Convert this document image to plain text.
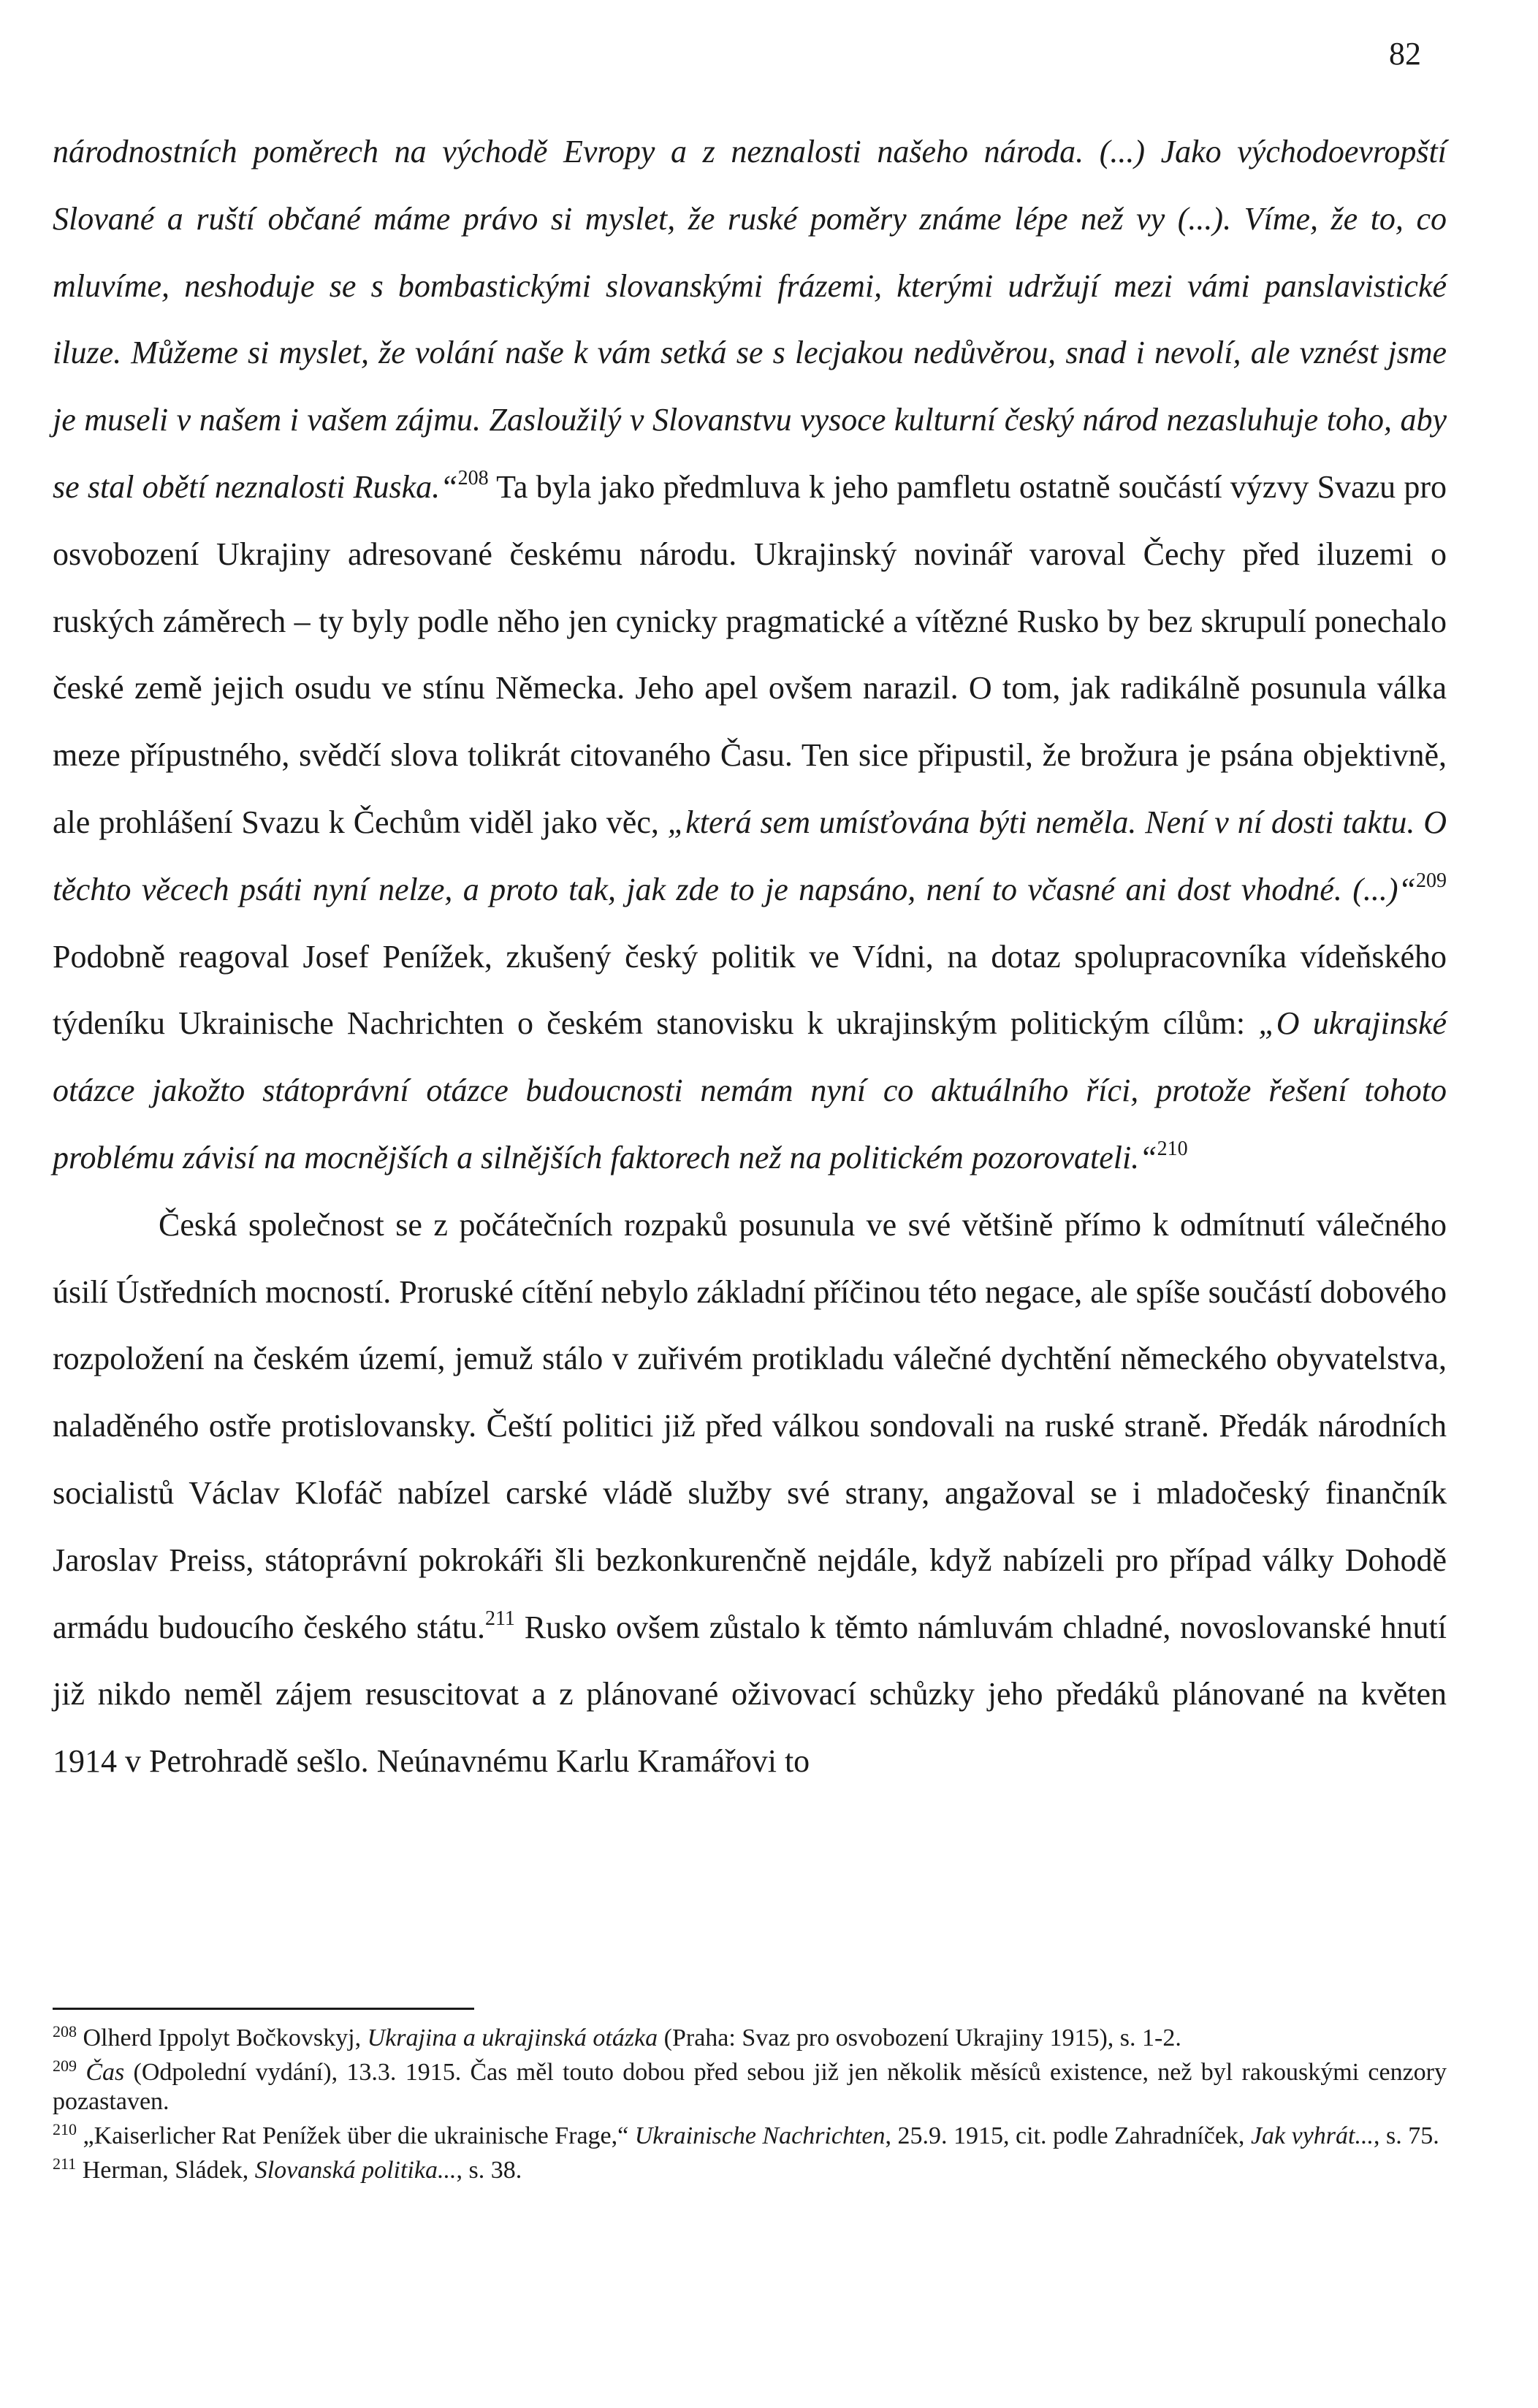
82

národnostních poměrech na východě Evropy a z neznalosti našeho národa. (...) Jako východoevropští Slované a ruští občané máme právo si myslet, že ruské poměry známe lépe než vy (...). Víme, že to, co mluvíme, neshoduje se s bombastickými slovanskými frázemi, kterými udržují mezi vámi panslavistické iluze. Můžeme si myslet, že volání naše k vám setká se s lecjakou nedůvěrou, snad i nevolí, ale vznést jsme je museli v našem i vašem zájmu. Zasloužilý v Slovanstvu vysoce kulturní český národ nezasluhuje toho, aby se stal obětí neznalosti Ruska.“$^{208}$ Ta byla jako předmluva k jeho pamfletu ostatně součástí výzvy Svazu pro osvobození Ukrajiny adresované českému národu. Ukrajinský novinář varoval Čechy před iluzemi o ruských záměrech – ty byly podle něho jen cynicky pragmatické a vítězné Rusko by bez skrupulí ponechalo české země jejich osudu ve stínu Německa. Jeho apel ovšem narazil. O tom, jak radikálně posunula válka meze přípustného, svědčí slova tolikrát citovaného Času. Ten sice připustil, že brožura je psána objektivně, ale prohlášení Svazu k Čechům viděl jako věc, „která sem umísťována býti neměla. Není v ní dosti taktu. O těchto věcech psáti nyní nelze, a proto tak, jak zde to je napsáno, není to včasné ani dost vhodné. (...)“$^{209}$ Podobně reagoval Josef Penížek, zkušený český politik ve Vídni, na dotaz spolupracovníka vídeňského týdeníku Ukrainische Nachrichten o českém stanovisku k ukrajinským politickým cílům: „O ukrajinské otázce jakožto státoprávní otázce budoucnosti nemám nyní co aktuálního říci, protože řešení tohoto problému závisí na mocnějších a silnějších faktorech než na politickém pozorovateli.“$^{210}$

Česká společnost se z počátečních rozpaků posunula ve své většině přímo k odmítnutí válečného úsilí Ústředních mocností. Proruské cítění nebylo základní příčinou této negace, ale spíše součástí dobového rozpoložení na českém území, jemuž stálo v zuřivém protikladu válečné dychtění německého obyvatelstva, naladěného ostře protislovansky. Čeští politici již před válkou sondovali na ruské straně. Předák národních socialistů Václav Klofáč nabízel carské vládě služby své strany, angažoval se i mladočeský finančník Jaroslav Preiss, státoprávní pokrokáři šli bezkonkurenčně nejdále, když nabízeli pro případ války Dohodě armádu budoucího českého státu.$^{211}$ Rusko ovšem zůstalo k těmto námluvám chladné, novoslovanské hnutí již nikdo neměl zájem resuscitovat a z plánované oživovací schůzky jeho předáků plánované na květen 1914 v Petrohradě sešlo. Neúnavnému Karlu Kramářovi to

$^{208}$ Olherd Ippolyt Bočkovskyj, Ukrajina a ukrajinská otázka (Praha: Svaz pro osvobození Ukrajiny 1915), s. 1-2.

$^{209}$ Čas (Odpolední vydání), 13.3. 1915. Čas měl touto dobou před sebou již jen několik měsíců existence, než byl rakouskými cenzory pozastaven.

$^{210}$ „Kaiserlicher Rat Penížek über die ukrainische Frage,“ Ukrainische Nachrichten, 25.9. 1915, cit. podle Zahradníček, Jak vyhrát..., s. 75.

$^{211}$ Herman, Sládek, Slovanská politika..., s. 38.
